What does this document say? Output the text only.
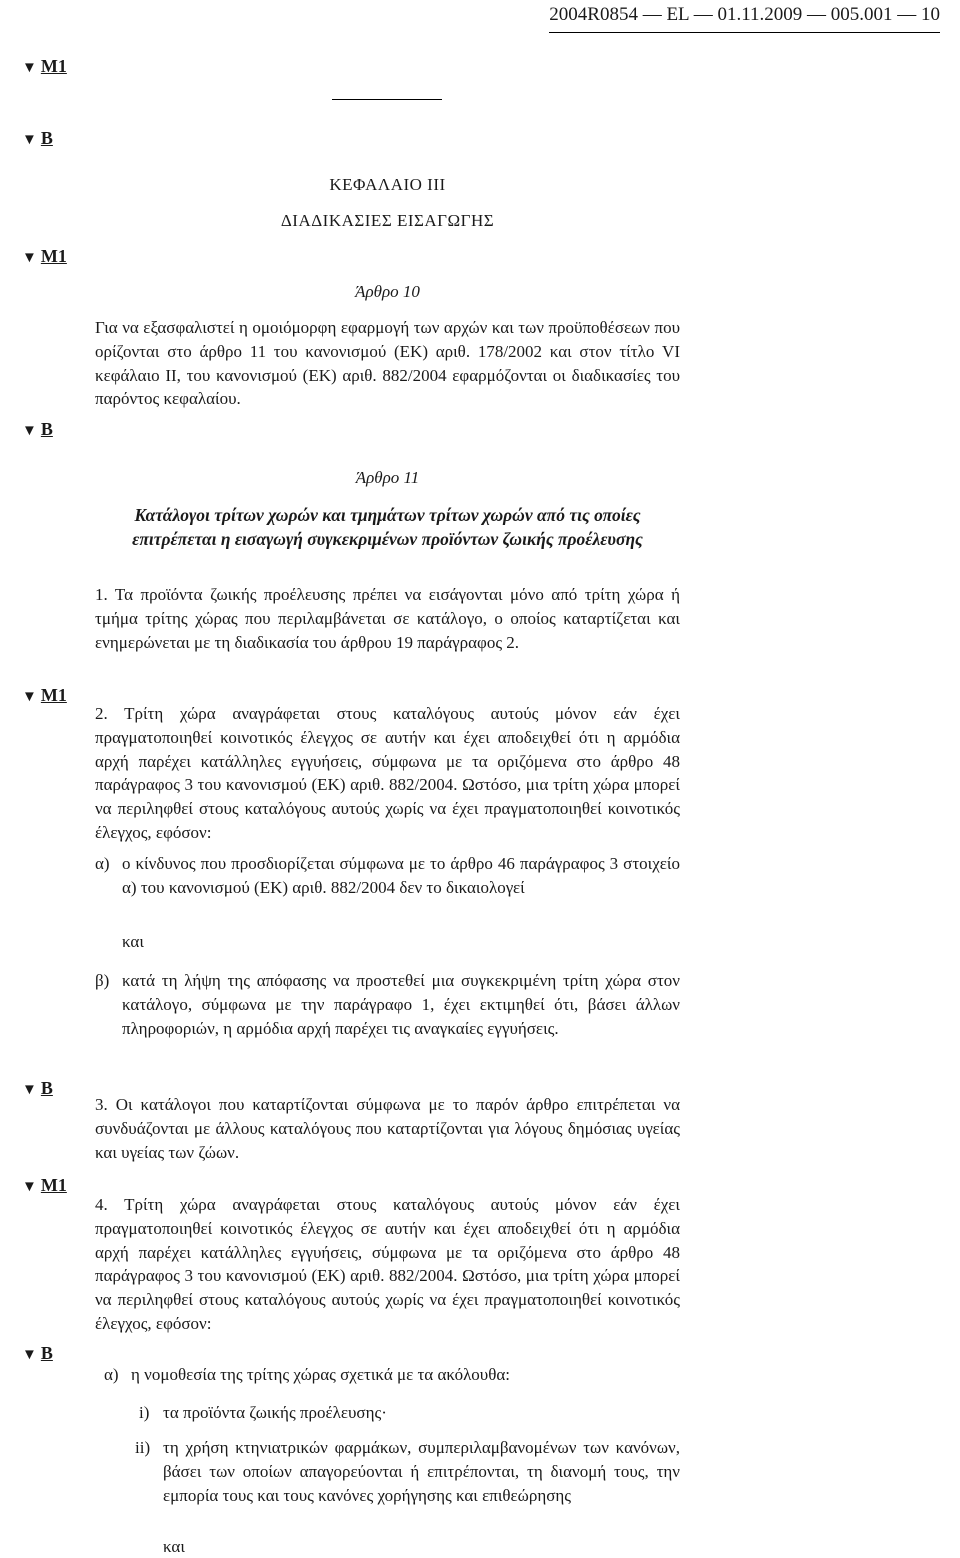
2004R0854 — EL — 01.11.2009 — 005.001 — 10
▼ M1
▼ B
▼ M1
▼ B
▼ M1
▼ B
▼ M1
▼ B
ΚΕΦΑΛΑΙΟ III
ΔΙΑΔΙΚΑΣΙΕΣ ΕΙΣΑΓΩΓΗΣ
Άρθρο 10

Για να εξασφαλιστεί η ομοιόμορφη εφαρμογή των αρχών και των προϋποθέσεων που ορίζονται στο άρθρο 11 του κανονισμού (ΕΚ) αριθ. 178/2002 και στον τίτλο VI κεφάλαιο II, του κανονισμού (ΕΚ) αριθ. 882/2004 εφαρμόζονται οι διαδικασίες του παρόντος κεφαλαίου.

Άρθρο 11
Κατάλογοι τρίτων χωρών και τμημάτων τρίτων χωρών από τις οποίες επιτρέπεται η εισαγωγή συγκεκριμένων προϊόντων ζωικής προέλευσης

1. Τα προϊόντα ζωικής προέλευσης πρέπει να εισάγονται μόνο από τρίτη χώρα ή τμήμα τρίτης χώρας που περιλαμβάνεται σε κατάλογο, ο οποίος καταρτίζεται και ενημερώνεται με τη διαδικασία του άρθρου 19 παράγραφος 2.

2. Τρίτη χώρα αναγράφεται στους καταλόγους αυτούς μόνον εάν έχει πραγματοποιηθεί κοινοτικός έλεγχος σε αυτήν και έχει αποδειχθεί ότι η αρμόδια αρχή παρέχει κατάλληλες εγγυήσεις, σύμφωνα με τα οριζόμενα στο άρθρο 48 παράγραφος 3 του κανονισμού (ΕΚ) αριθ. 882/2004. Ωστόσο, μια τρίτη χώρα μπορεί να περιληφθεί στους καταλόγους αυτούς χωρίς να έχει πραγματοποιηθεί κοινοτικός έλεγχος, εφόσον:

α) ο κίνδυνος που προσδιορίζεται σύμφωνα με το άρθρο 46 παράγραφος 3 στοιχείο α) του κανονισμού (ΕΚ) αριθ. 882/2004 δεν το δικαιολογεί
και
β) κατά τη λήψη της απόφασης να προστεθεί μια συγκεκριμένη τρίτη χώρα στον κατάλογο, σύμφωνα με την παράγραφο 1, έχει εκτιμηθεί ότι, βάσει άλλων πληροφοριών, η αρμόδια αρχή παρέχει τις αναγκαίες εγγυήσεις.

3. Οι κατάλογοι που καταρτίζονται σύμφωνα με το παρόν άρθρο επιτρέπεται να συνδυάζονται με άλλους καταλόγους που καταρτίζονται για λόγους δημόσιας υγείας και υγείας των ζώων.

4. Τρίτη χώρα αναγράφεται στους καταλόγους αυτούς μόνον εάν έχει πραγματοποιηθεί κοινοτικός έλεγχος σε αυτήν και έχει αποδειχθεί ότι η αρμόδια αρχή παρέχει κατάλληλες εγγυήσεις, σύμφωνα με τα οριζόμενα στο άρθρο 48 παράγραφος 3 του κανονισμού (ΕΚ) αριθ. 882/2004. Ωστόσο, μια τρίτη χώρα μπορεί να περιληφθεί στους καταλόγους αυτούς χωρίς να έχει πραγματοποιηθεί κοινοτικός έλεγχος, εφόσον:

α) η νομοθεσία της τρίτης χώρας σχετικά με τα ακόλουθα:
i) τα προϊόντα ζωικής προέλευσης·
ii) τη χρήση κτηνιατρικών φαρμάκων, συμπεριλαμβανομένων των κανόνων, βάσει των οποίων απαγορεύονται ή επιτρέπονται, τη διανομή τους, την εμπορία τους και τους κανόνες χορήγησης και επιθεώρησης
και
